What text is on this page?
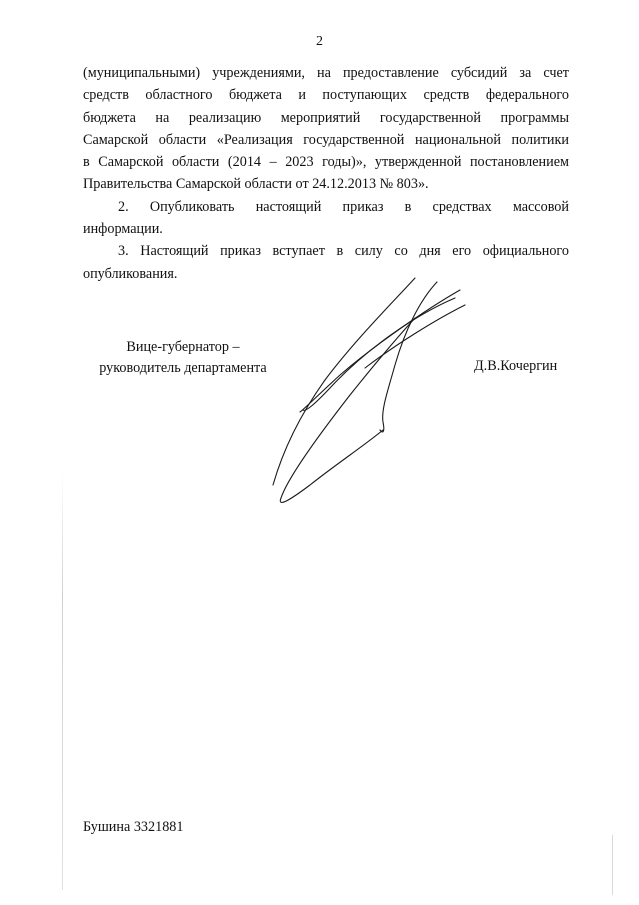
2
(муниципальными) учреждениями, на предоставление субсидий за счет
средств областного бюджета и поступающих средств федерального
бюджета на реализацию мероприятий государственной программы
Самарской области «Реализация государственной национальной политики
в Самарской области (2014 – 2023 годы)», утвержденной постановлением
Правительства Самарской области от 24.12.2013 № 803».
2. Опубликовать настоящий приказ в средствах массовой
информации.
3. Настоящий приказ вступает в силу со дня его официального
опубликования.
Вице-губернатор –
руководитель департамента	Д.В.Кочергин
Бушина 3321881
